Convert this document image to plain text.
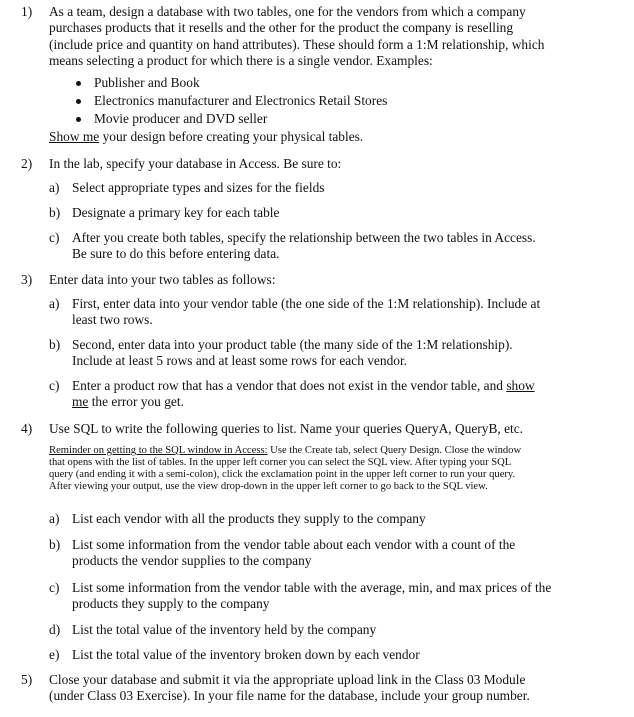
1) As a team, design a database with two tables, one for the vendors from which a company
purchases products that it resells and the other for the product the company is reselling
(include price and quantity on hand attributes). These should form a 1:M relationship, which
means selecting a product for which there is a single vendor. Examples:
Publisher and Book
Electronics manufacturer and Electronics Retail Stores
Movie producer and DVD seller
Show me your design before creating your physical tables.
2) In the lab, specify your database in Access. Be sure to:
a) Select appropriate types and sizes for the fields
b) Designate a primary key for each table
c) After you create both tables, specify the relationship between the two tables in Access.
Be sure to do this before entering data.
3) Enter data into your two tables as follows:
a) First, enter data into your vendor table (the one side of the 1:M relationship). Include at
least two rows.
b) Second, enter data into your product table (the many side of the 1:M relationship).
Include at least 5 rows and at least some rows for each vendor.
c) Enter a product row that has a vendor that does not exist in the vendor table, and show
me the error you get.
4) Use SQL to write the following queries to list. Name your queries QueryA, QueryB, etc.
Reminder on getting to the SQL window in Access: Use the Create tab, select Query Design. Close the window
that opens with the list of tables. In the upper left corner you can select the SQL view. After typing your SQL
query (and ending it with a semi-colon), click the exclamation point in the upper left corner to run your query.
After viewing your output, use the view drop-down in the upper left corner to go back to the SQL view.
a) List each vendor with all the products they supply to the company
b) List some information from the vendor table about each vendor with a count of the
products the vendor supplies to the company
c) List some information from the vendor table with the average, min, and max prices of the
products they supply to the company
d) List the total value of the inventory held by the company
e) List the total value of the inventory broken down by each vendor
5) Close your database and submit it via the appropriate upload link in the Class 03 Module
(under Class 03 Exercise). In your file name for the database, include your group number.
